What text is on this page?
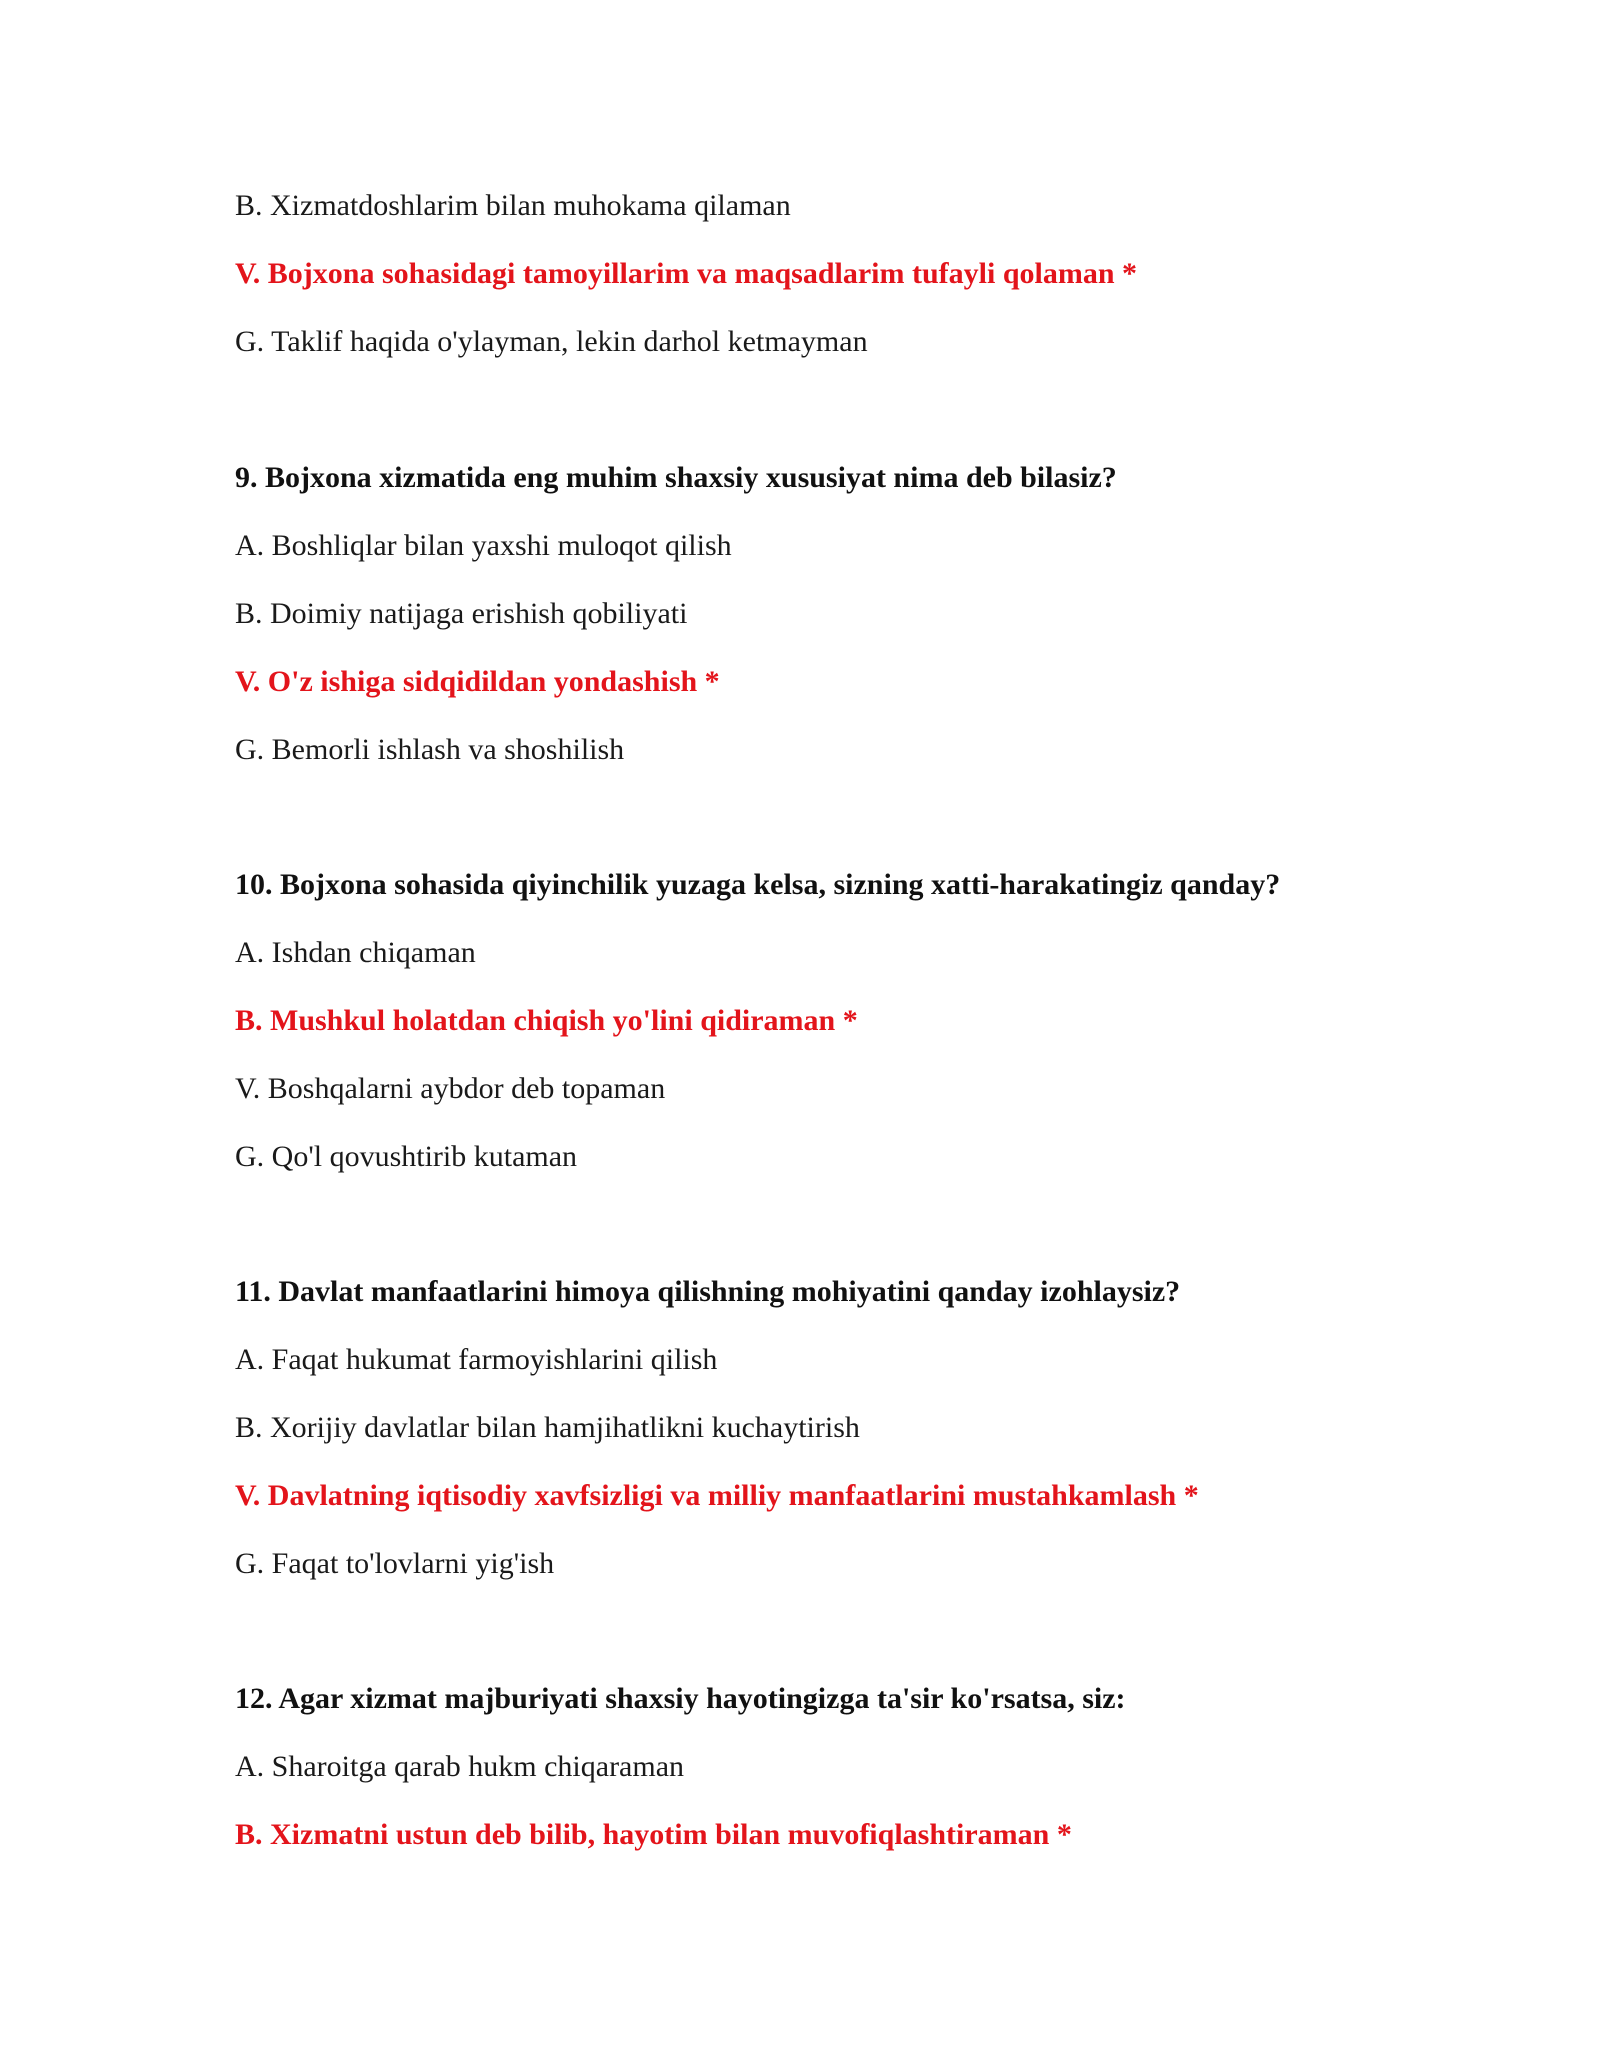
B. Xizmatdoshlarim bilan muhokama qilaman
V. Bojxona sohasidagi tamoyillarim va maqsadlarim tufayli qolaman *
G. Taklif haqida o'ylayman, lekin darhol ketmayman
9. Bojxona xizmatida eng muhim shaxsiy xususiyat nima deb bilasiz?
A. Boshliqlar bilan yaxshi muloqot qilish
B. Doimiy natijaga erishish qobiliyati
V. O'z ishiga sidqidildan yondashish *
G. Bemorli ishlash va shoshilish
10. Bojxona sohasida qiyinchilik yuzaga kelsa, sizning xatti-harakatingiz qanday?
A. Ishdan chiqaman
B. Mushkul holatdan chiqish yo'lini qidiraman *
V. Boshqalarni aybdor deb topaman
G. Qo'l qovushtirib kutaman
11. Davlat manfaatlarini himoya qilishning mohiyatini qanday izohlaysiz?
A. Faqat hukumat farmoyishlarini qilish
B. Xorijiy davlatlar bilan hamjihatlikni kuchaytirish
V. Davlatning iqtisodiy xavfsizligi va milliy manfaatlarini mustahkamlash *
G. Faqat to'lovlarni yig'ish
12. Agar xizmat majburiyati shaxsiy hayotingizga ta'sir ko'rsatsa, siz:
A. Sharoitga qarab hukm chiqaraman
B. Xizmatni ustun deb bilib, hayotim bilan muvofiqlashtiraman *
